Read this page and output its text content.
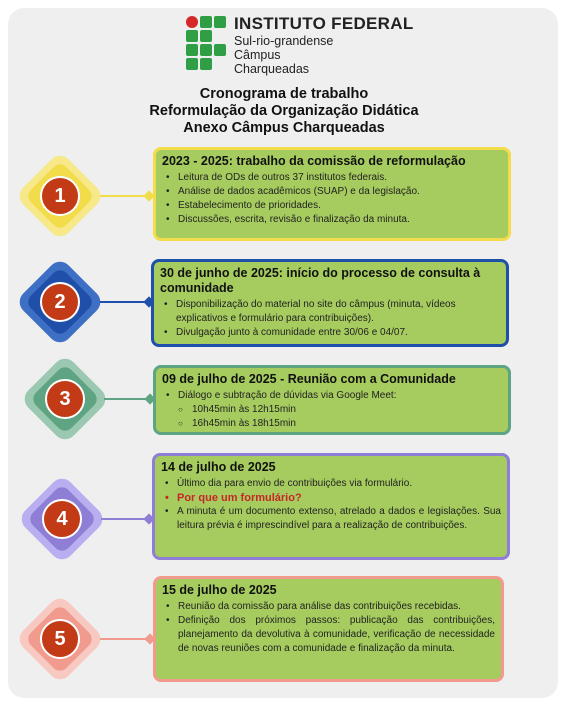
INSTITUTO FEDERAL
Sul-rio-grandense
Câmpus
Charqueadas
Cronograma de trabalho
Reformulação da Organização Didática
Anexo Câmpus Charqueadas
1
2023 - 2025: trabalho da comissão de reformulação
• Leitura de ODs de outros 37 institutos federais.
• Análise de dados acadêmicos (SUAP) e da legislação.
• Estabelecimento de prioridades.
• Discussões, escrita, revisão e finalização da minuta.
2
30 de junho de 2025: início do processo de consulta à comunidade
• Disponibilização do material no site do câmpus (minuta, vídeos explicativos e formulário para contribuições).
• Divulgação junto à comunidade entre 30/06 e 04/07.
3
09 de julho de 2025 - Reunião com a Comunidade
• Diálogo e subtração de dúvidas via Google Meet:
○ 10h45min às 12h15min
○ 16h45min às 18h15min
4
14 de julho de 2025
• Último dia para envio de contribuições via formulário.
• Por que um formulário?
• A minuta é um documento extenso, atrelado a dados e legislações. Sua leitura prévia é imprescindível para a realização de contribuições.
5
15 de julho de 2025
• Reunião da comissão para análise das contribuições recebidas.
• Definição dos próximos passos: publicação das contribuições, planejamento da devolutiva à comunidade, verificação de necessidade de novas reuniões com a comunidade e finalização da minuta.
